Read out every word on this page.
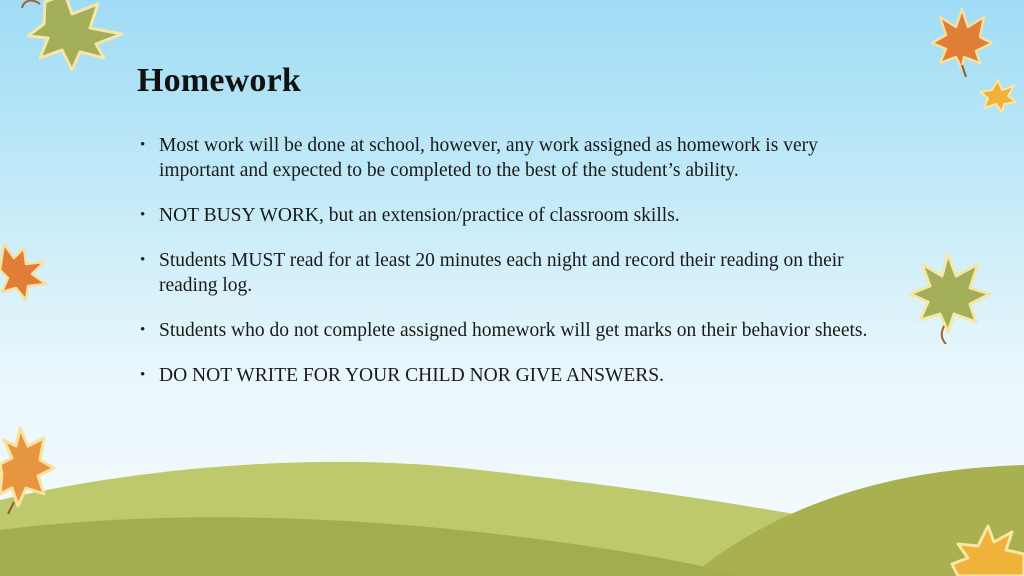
Homework
• Most work will be done at school, however, any work assigned as homework is very important and expected to be completed to the best of the student’s ability.
• NOT BUSY WORK, but an extension/practice of classroom skills.
• Students MUST read for at least 20 minutes each night and record their reading on their reading log.
• Students who do not complete assigned homework will get marks on their behavior sheets.
• DO NOT WRITE FOR YOUR CHILD NOR GIVE ANSWERS.
